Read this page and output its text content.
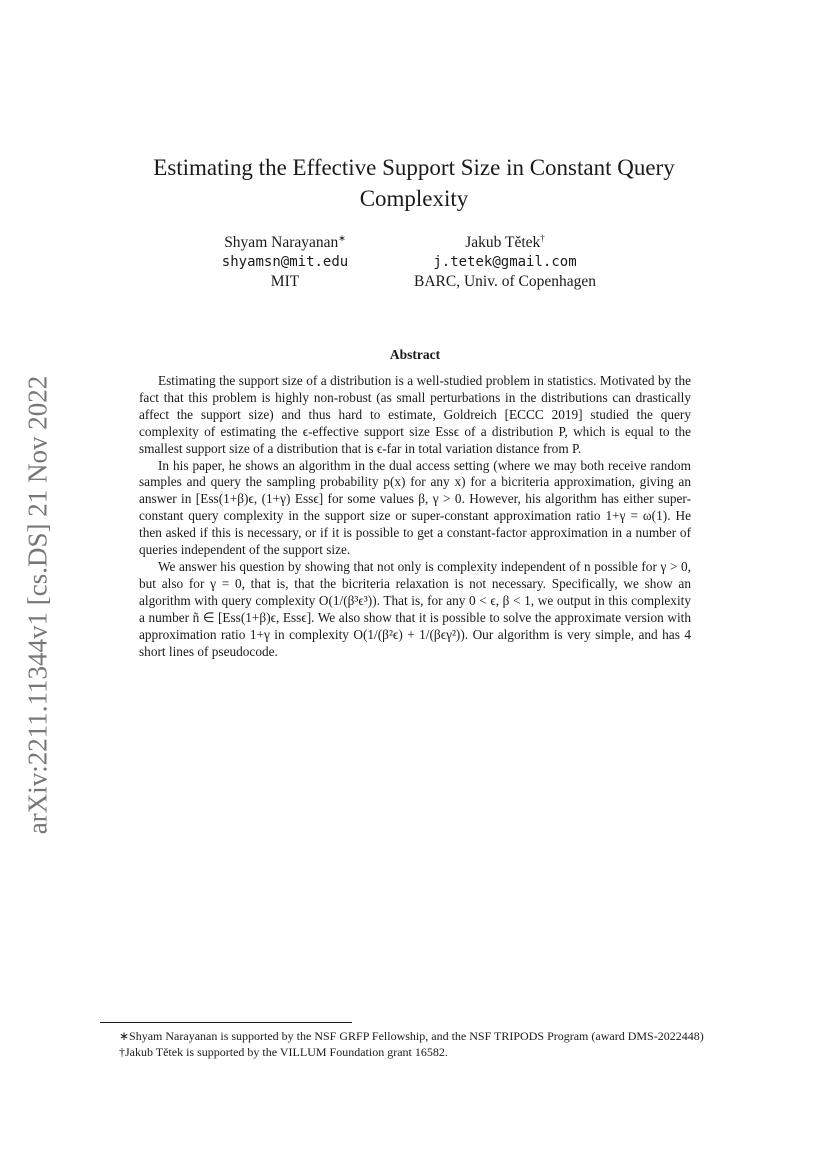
arXiv:2211.11344v1 [cs.DS] 21 Nov 2022
Estimating the Effective Support Size in Constant Query Complexity
Shyam Narayanan∗
shyamsn@mit.edu
MIT
Jakub Tětek†
j.tetek@gmail.com
BARC, Univ. of Copenhagen
Abstract

Estimating the support size of a distribution is a well-studied problem in statistics. Motivated by the fact that this problem is highly non-robust (as small perturbations in the distributions can drastically affect the support size) and thus hard to estimate, Goldreich [ECCC 2019] studied the query complexity of estimating the ϵ-effective support size Essϵ of a distribution P, which is equal to the smallest support size of a distribution that is ϵ-far in total variation distance from P.

In his paper, he shows an algorithm in the dual access setting (where we may both receive random samples and query the sampling probability p(x) for any x) for a bicriteria approximation, giving an answer in [Ess(1+β)ϵ, (1+γ) Essϵ] for some values β, γ > 0. However, his algorithm has either super-constant query complexity in the support size or super-constant approximation ratio 1+γ = ω(1). He then asked if this is necessary, or if it is possible to get a constant-factor approximation in a number of queries independent of the support size.

We answer his question by showing that not only is complexity independent of n possible for γ > 0, but also for γ = 0, that is, that the bicriteria relaxation is not necessary. Specifically, we show an algorithm with query complexity O(1/(β³ϵ³)). That is, for any 0 < ϵ, β < 1, we output in this complexity a number ñ ∈ [Ess(1+β)ϵ, Essϵ]. We also show that it is possible to solve the approximate version with approximation ratio 1+γ in complexity O(1/(β²ϵ) + 1/(βϵγ²)). Our algorithm is very simple, and has 4 short lines of pseudocode.

∗Shyam Narayanan is supported by the NSF GRFP Fellowship, and the NSF TRIPODS Program (award DMS-2022448)

†Jakub Tětek is supported by the VILLUM Foundation grant 16582.
